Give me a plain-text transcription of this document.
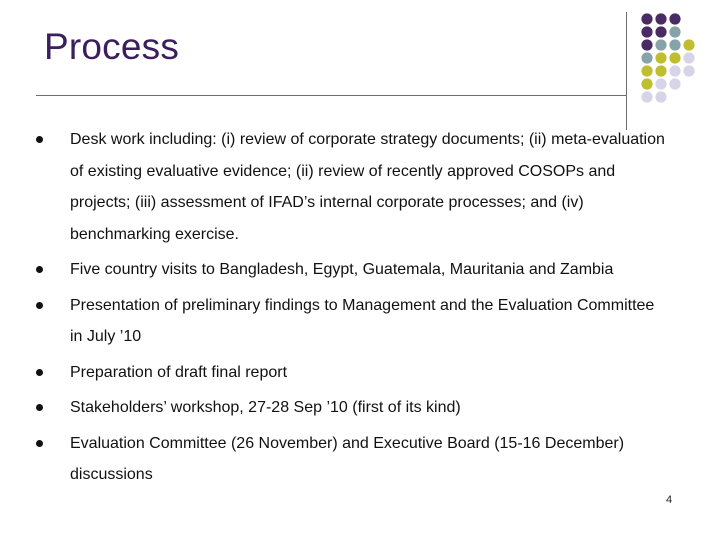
Process
Desk work including: (i) review of corporate strategy documents; (ii) meta-evaluation of existing evaluative evidence; (ii) review of recently approved COSOPs and projects; (iii) assessment of IFAD’s internal corporate processes; and (iv) benchmarking exercise.
Five country visits to Bangladesh, Egypt, Guatemala, Mauritania and Zambia
Presentation of preliminary findings to Management and the Evaluation Committee in July ’10
Preparation of draft final report
Stakeholders’ workshop, 27-28 Sep ’10 (first of its kind)
Evaluation Committee (26 November) and Executive Board (15-16 December) discussions
4
